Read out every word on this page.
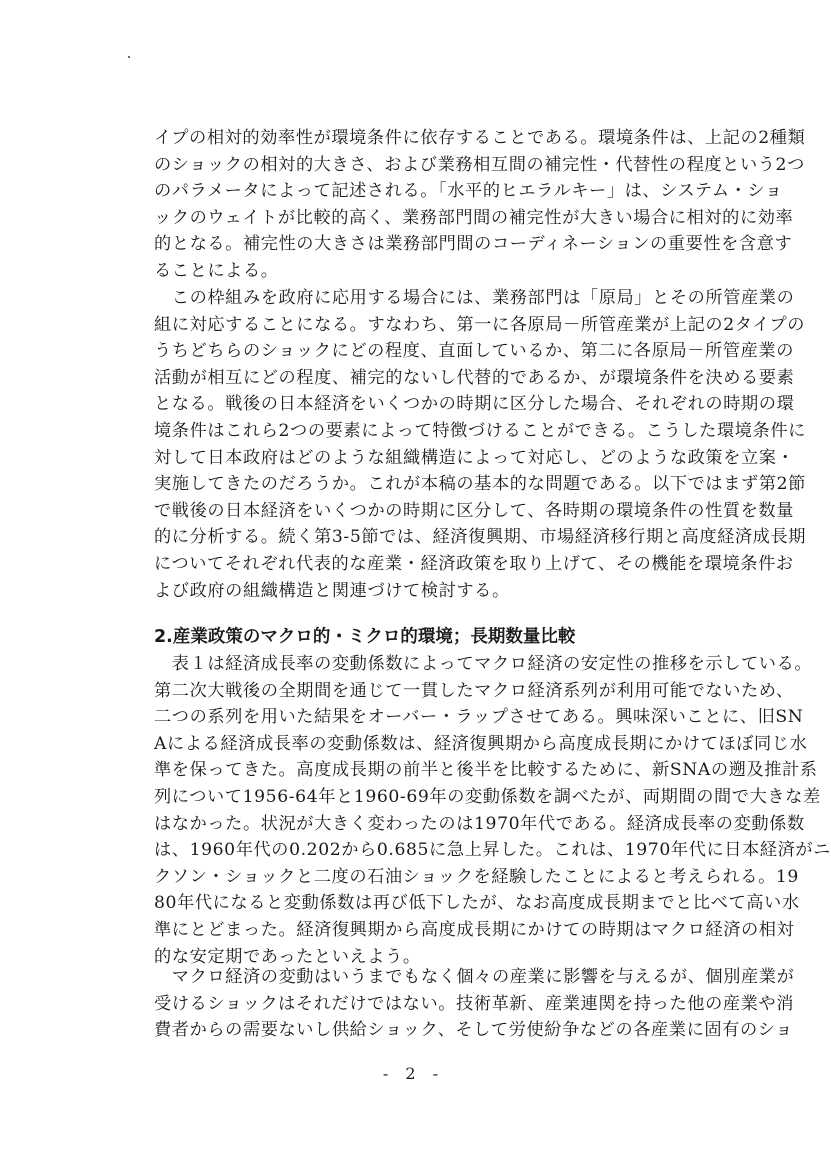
イプの相対的効率性が環境条件に依存することである。環境条件は、上記の2種類
のショックの相対的大きさ、および業務相互間の補完性・代替性の程度という2つ
のパラメータによって記述される。「水平的ヒエラルキー」は、システム・ショ
ックのウェイトが比較的高く、業務部門間の補完性が大きい場合に相対的に効率
的となる。補完性の大きさは業務部門間のコーディネーションの重要性を含意す
ることによる。
　この枠組みを政府に応用する場合には、業務部門は「原局」とその所管産業の
組に対応することになる。すなわち、第一に各原局－所管産業が上記の2タイプの
うちどちらのショックにどの程度、直面しているか、第二に各原局－所管産業の
活動が相互にどの程度、補完的ないし代替的であるか、が環境条件を決める要素
となる。戦後の日本経済をいくつかの時期に区分した場合、それぞれの時期の環
境条件はこれら2つの要素によって特徴づけることができる。こうした環境条件に
対して日本政府はどのような組織構造によって対応し、どのような政策を立案・
実施してきたのだろうか。これが本稿の基本的な問題である。以下ではまず第2節
で戦後の日本経済をいくつかの時期に区分して、各時期の環境条件の性質を数量
的に分析する。続く第3-5節では、経済復興期、市場経済移行期と高度経済成長期
についてそれぞれ代表的な産業・経済政策を取り上げて、その機能を環境条件お
よび政府の組織構造と関連づけて検討する。
2.産業政策のマクロ的・ミクロ的環境；長期数量比較
　表１は経済成長率の変動係数によってマクロ経済の安定性の推移を示している。
第二次大戦後の全期間を通じて一貫したマクロ経済系列が利用可能でないため、
二つの系列を用いた結果をオーバー・ラップさせてある。興味深いことに、旧SN
Aによる経済成長率の変動係数は、経済復興期から高度成長期にかけてほぼ同じ水
準を保ってきた。高度成長期の前半と後半を比較するために、新SNAの遡及推計系
列について1956-64年と1960-69年の変動係数を調べたが、両期間の間で大きな差
はなかった。状況が大きく変わったのは1970年代である。経済成長率の変動係数
は、1960年代の0.202から0.685に急上昇した。これは、1970年代に日本経済がニ
クソン・ショックと二度の石油ショックを経験したことによると考えられる。19
80年代になると変動係数は再び低下したが、なお高度成長期までと比べて高い水
準にとどまった。経済復興期から高度成長期にかけての時期はマクロ経済の相対
的な安定期であったといえよう。
　マクロ経済の変動はいうまでもなく個々の産業に影響を与えるが、個別産業が
受けるショックはそれだけではない。技術革新、産業連関を持った他の産業や消
費者からの需要ないし供給ショック、そして労使紛争などの各産業に固有のショ
- 2 -
